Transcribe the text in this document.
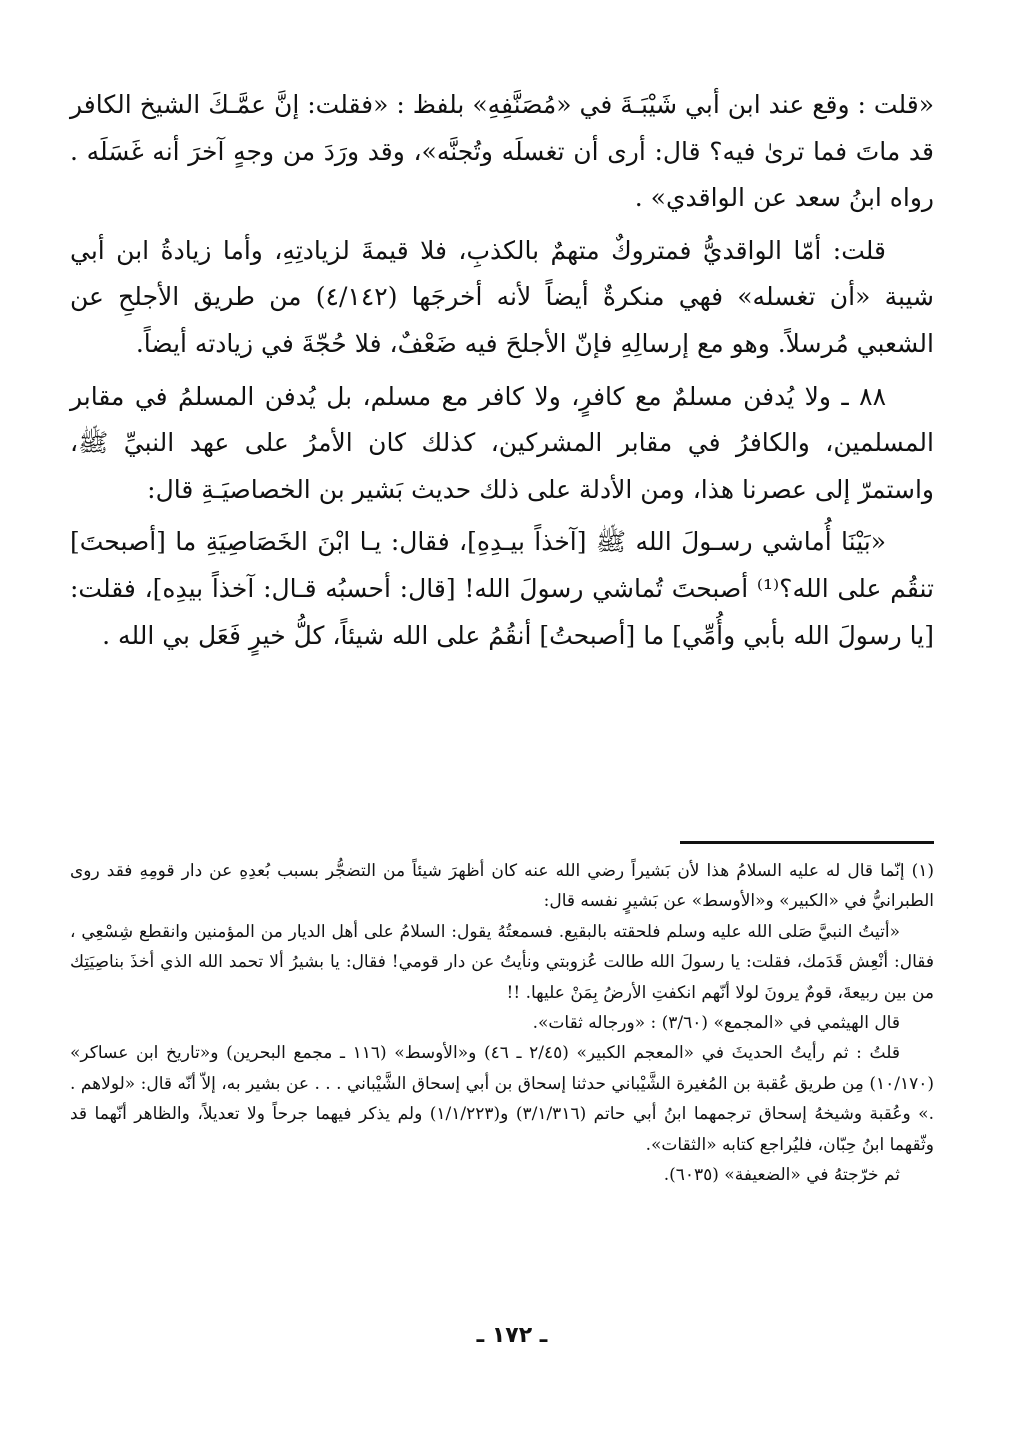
«قلت : وقع عند ابن أبي شَيْبَـةَ في «مُصَنَّفِهِ» بلفظ : «فقلت: إنَّ عمَّـكَ الشيخ الكافر قد ماتَ فما ترىٰ فيه؟ قال: أرى أن تغسلَه وتُجنَّه»، وقد ورَدَ من وجهٍ آخرَ أنه غَسَلَه . رواه ابنُ سعد عن الواقدي» .

قلت: أمّا الواقديُّ فمتروكٌ متهمٌ بالكذبِ، فلا قيمةَ لزيادتِهِ، وأما زيادةُ ابن أبي شيبة «أن تغسله» فهي منكرةٌ أيضاً لأنه أخرجَها (٤/١٤٢) من طريق الأجلحِ عن الشعبي مُرسلاً. وهو مع إرسالِهِ فإنّ الأجلحَ فيه ضَعْفٌ، فلا حُجّةَ في زيادته أيضاً.

٨٨ ـ ولا يُدفن مسلمٌ مع كافرٍ، ولا كافر مع مسلم، بل يُدفن المسلمُ في مقابر المسلمين، والكافرُ في مقابر المشركين، كذلك كان الأمرُ على عهد النبيِّ ﷺ، واستمرّ إلى عصرنا هذا، ومن الأدلة على ذلك حديث بَشير بن الخصاصيَـةِ قال:

«بَيْنَا أُماشي رسـولَ الله ﷺ [آخذاً بيـدِهِ]، فقال: يـا ابْنَ الخَصَاصِيَةِ ما [أصبحتَ] تنقُم على الله؟⁽¹⁾ أصبحتَ تُماشي رسولَ الله! [قال: أحسبُه قـال: آخذاً بيدِه]، فقلت: [يا رسولَ الله بأبي وأُمِّي] ما [أصبحتُ] أنقُمُ على الله شيئاً، كلُّ خيرٍ فَعَل بي الله .

(١) إنّما قال له عليه السلامُ هذا لأن بَشيراً رضي الله عنه كان أظهرَ شيئاً من التضجُّر بسبب بُعدِهِ عن دار قومِهِ فقد روى الطبرانيُّ في «الكبير» و«الأوسط» عن بَشيرٍ نفسه قال:

«أتيتُ النبيَّ صَلى الله عليه وسلم فلحقته بالبقيع. فسمعتُهُ يقول: السلامُ على أهل الديار من المؤمنين وانقطع شِسْعِي ، فقال: أنْعِش قَدَمك، فقلت: يا رسولَ الله طالت عُزوبتي ونأيتُ عن دار قومي! فقال: يا بشيرُ ألا تحمد الله الذي أخذَ بناصِيَتِك من بين ربيعةَ، قومٌ يرونَ لولا أنّهم انكفتِ الأرضُ بِمَنْ عليها. !!

قال الهيثمي في «المجمع» (٣/٦٠) : «ورجاله ثقات».

قلتُ : ثم رأيتُ الحديثَ في «المعجم الكبير» (٢/٤٥ ـ ٤٦) و«الأوسط» (١١٦ ـ مجمع البحرين) و«تاريخ ابن عساكر» (١٠/١٧٠) مِن طريق عُقبة بن المُغيرة الشَّيْباني حدثنا إسحاق بن أبي إسحاق الشَّيْباني . . . عن بشير به، إلاّ أنّه قال: «لولاهم . .» وعُقبة وشيخهُ إسحاق ترجمهما ابنُ أبي حاتم (٣/١/٣١٦) و(١/١/٢٢٣) ولم يذكر فيهما جرحاً ولا تعديلاً، والظاهر أنّهما قد وثّقهما ابنُ حِبّان، فليُراجع كتابه «الثقات».

ثم خرّجتهُ في «الضعيفة» (٦٠٣٥).

ـ ١٧٢ ـ
